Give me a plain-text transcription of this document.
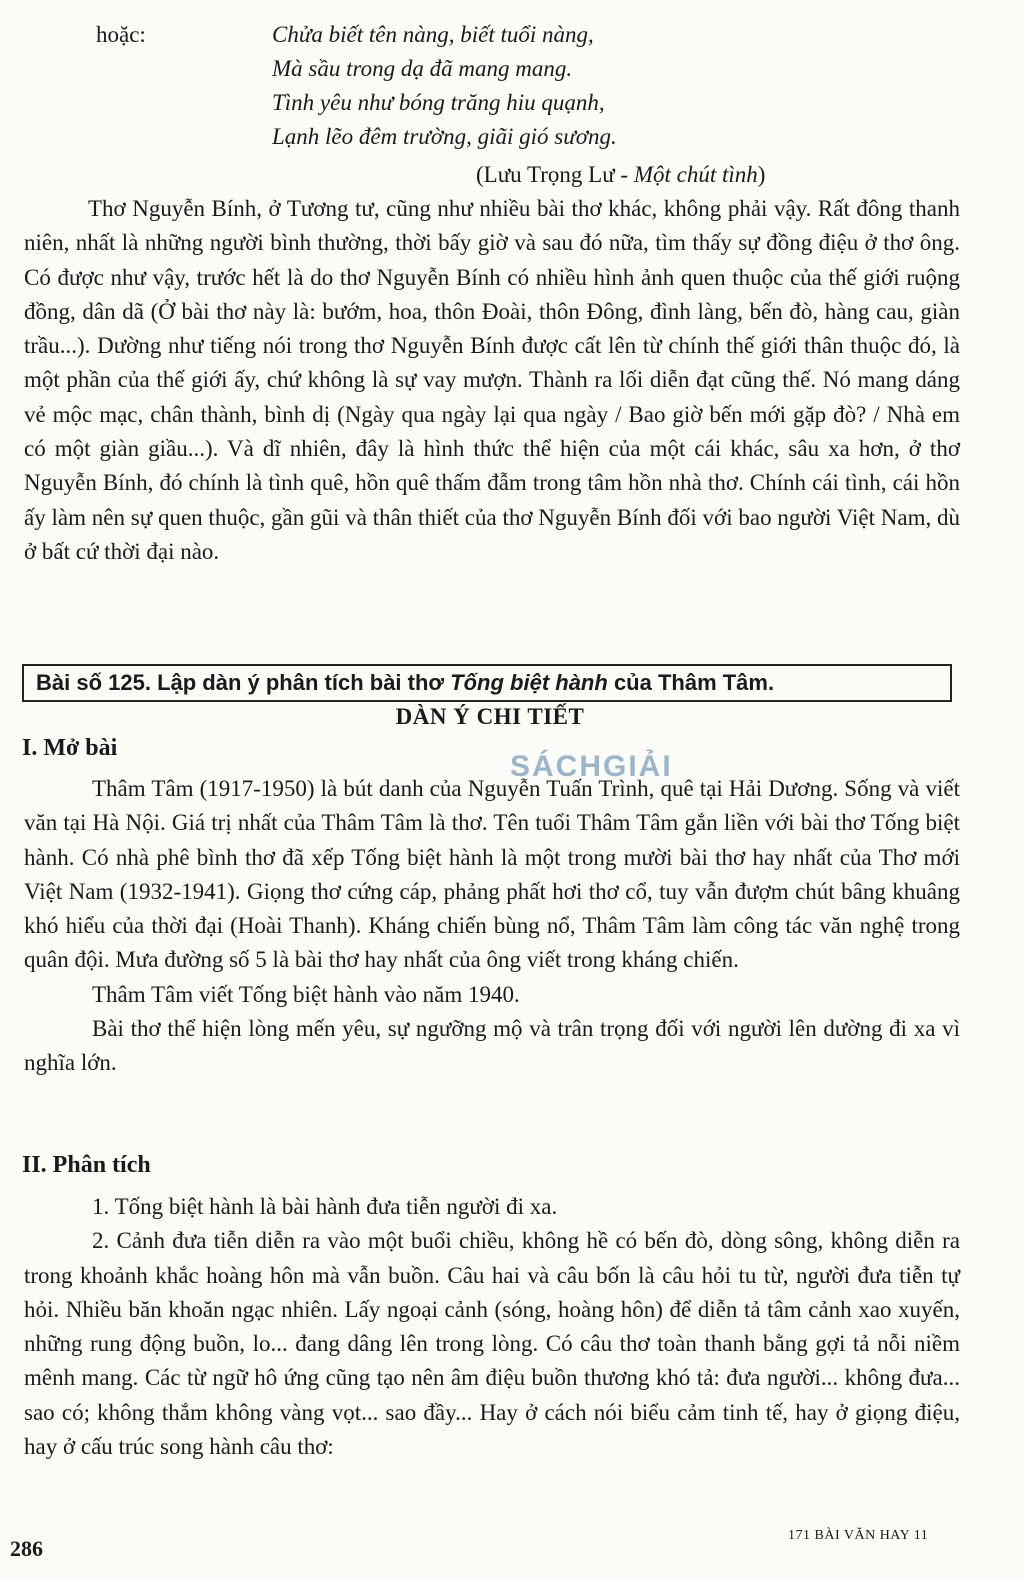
hoặc:	Chửa biết tên nàng, biết tuổi nàng,
Mà sầu trong dạ đã mang mang.
Tình yêu như bóng trăng hiu quạnh,
Lạnh lẽo đêm trường, giãi gió sương.
(Lưu Trọng Lư - Một chút tình)

Thơ Nguyễn Bính, ở Tương tư, cũng như nhiều bài thơ khác, không phải vậy. Rất đông thanh niên, nhất là những người bình thường, thời bấy giờ và sau đó nữa, tìm thấy sự đồng điệu ở thơ ông. Có được như vậy, trước hết là do thơ Nguyễn Bính có nhiều hình ảnh quen thuộc của thế giới ruộng đồng, dân dã (Ở bài thơ này là: bướm, hoa, thôn Đoài, thôn Đông, đình làng, bến đò, hàng cau, giàn trầu...). Dường như tiếng nói trong thơ Nguyễn Bính được cất lên từ chính thế giới thân thuộc đó, là một phần của thế giới ấy, chứ không là sự vay mượn. Thành ra lối diễn đạt cũng thế. Nó mang dáng vẻ mộc mạc, chân thành, bình dị (Ngày qua ngày lại qua ngày / Bao giờ bến mới gặp đò? / Nhà em có một giàn giầu...). Và dĩ nhiên, đây là hình thức thể hiện của một cái khác, sâu xa hơn, ở thơ Nguyễn Bính, đó chính là tình quê, hồn quê thấm đẫm trong tâm hồn nhà thơ. Chính cái tình, cái hồn ấy làm nên sự quen thuộc, gần gũi và thân thiết của thơ Nguyễn Bính đối với bao người Việt Nam, dù ở bất cứ thời đại nào.

Bài số 125. Lập dàn ý phân tích bài thơ Tống biệt hành của Thâm Tâm.
DÀN Ý CHI TIẾT
I. Mở bài
SÁCHGIẢI

Thâm Tâm (1917-1950) là bút danh của Nguyễn Tuấn Trình, quê tại Hải Dương. Sống và viết văn tại Hà Nội. Giá trị nhất của Thâm Tâm là thơ. Tên tuổi Thâm Tâm gắn liền với bài thơ Tống biệt hành. Có nhà phê bình thơ đã xếp Tống biệt hành là một trong mười bài thơ hay nhất của Thơ mới Việt Nam (1932-1941). Giọng thơ cứng cáp, phảng phất hơi thơ cổ, tuy vẫn đượm chút bâng khuâng khó hiểu của thời đại (Hoài Thanh). Kháng chiến bùng nổ, Thâm Tâm làm công tác văn nghệ trong quân đội. Mưa đường số 5 là bài thơ hay nhất của ông viết trong kháng chiến.

Thâm Tâm viết Tống biệt hành vào năm 1940.

Bài thơ thể hiện lòng mến yêu, sự ngưỡng mộ và trân trọng đối với người lên dường đi xa vì nghĩa lớn.

II. Phân tích

1. Tống biệt hành là bài hành đưa tiễn người đi xa.

2. Cảnh đưa tiễn diễn ra vào một buổi chiều, không hề có bến đò, dòng sông, không diễn ra trong khoảnh khắc hoàng hôn mà vẫn buồn. Câu hai và câu bốn là câu hỏi tu từ, người đưa tiễn tự hỏi. Nhiều băn khoăn ngạc nhiên. Lấy ngoại cảnh (sóng, hoàng hôn) để diễn tả tâm cảnh xao xuyến, những rung động buồn, lo... đang dâng lên trong lòng. Có câu thơ toàn thanh bằng gợi tả nỗi niềm mênh mang. Các từ ngữ hô ứng cũng tạo nên âm điệu buồn thương khó tả: đưa người... không đưa... sao có; không thắm không vàng vọt... sao đầy... Hay ở cách nói biểu cảm tinh tế, hay ở giọng điệu, hay ở cấu trúc song hành câu thơ:

286
171 BÀI VĂN HAY 11
